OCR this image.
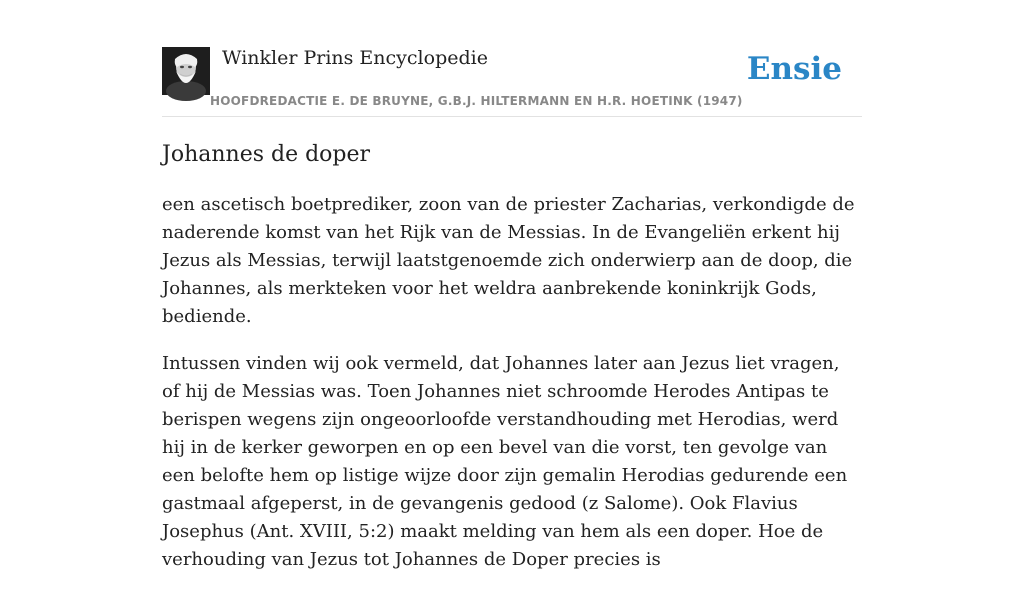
Winkler Prins Encyclopedie
HOOFDREDACTIE E. DE BRUYNE, G.B.J. HILTERMANN EN H.R. HOETINK (1947)
Ensie
Johannes de doper

een ascetisch boetprediker, zoon van de priester Zacharias, verkondigde de naderende komst van het Rijk van de Messias. In de Evangeliën erkent hij Jezus als Messias, terwijl laatstgenoemde zich onderwierp aan de doop, die Johannes, als merkteken voor het weldra aanbrekende koninkrijk Gods, bediende.

Intussen vinden wij ook vermeld, dat Johannes later aan Jezus liet vragen, of hij de Messias was. Toen Johannes niet schroomde Herodes Antipas te berispen wegens zijn ongeoorloofde verstandhouding met Herodias, werd hij in de kerker geworpen en op een bevel van die vorst, ten gevolge van een belofte hem op listige wijze door zijn gemalin Herodias gedurende een gastmaal afgeperst, in de gevangenis gedood (z Salome). Ook Flavius Josephus (Ant. XVIII, 5:2) maakt melding van hem als een doper. Hoe de verhouding van Jezus tot Johannes de Doper precies is
